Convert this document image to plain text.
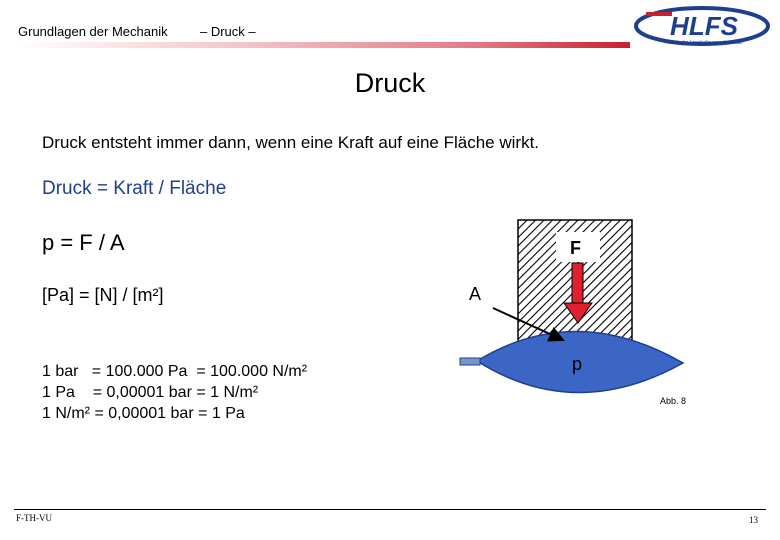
Grundlagen der Mechanik – Druck –	HLFS
Hessische Landesfeuerwehrschule
Druck
Druck entsteht immer dann, wenn eine Kraft auf eine Fläche wirkt.
Druck = Kraft / Fläche
p = F / A
[Pa] = [N] / [m²]
1 bar   = 100.000 Pa  = 100.000 N/m²
1 Pa    = 0,00001 bar = 1 N/m²
1 N/m² = 0,00001 bar = 1 Pa
F
A
p
Abb. 8
F-TH-VU	13
